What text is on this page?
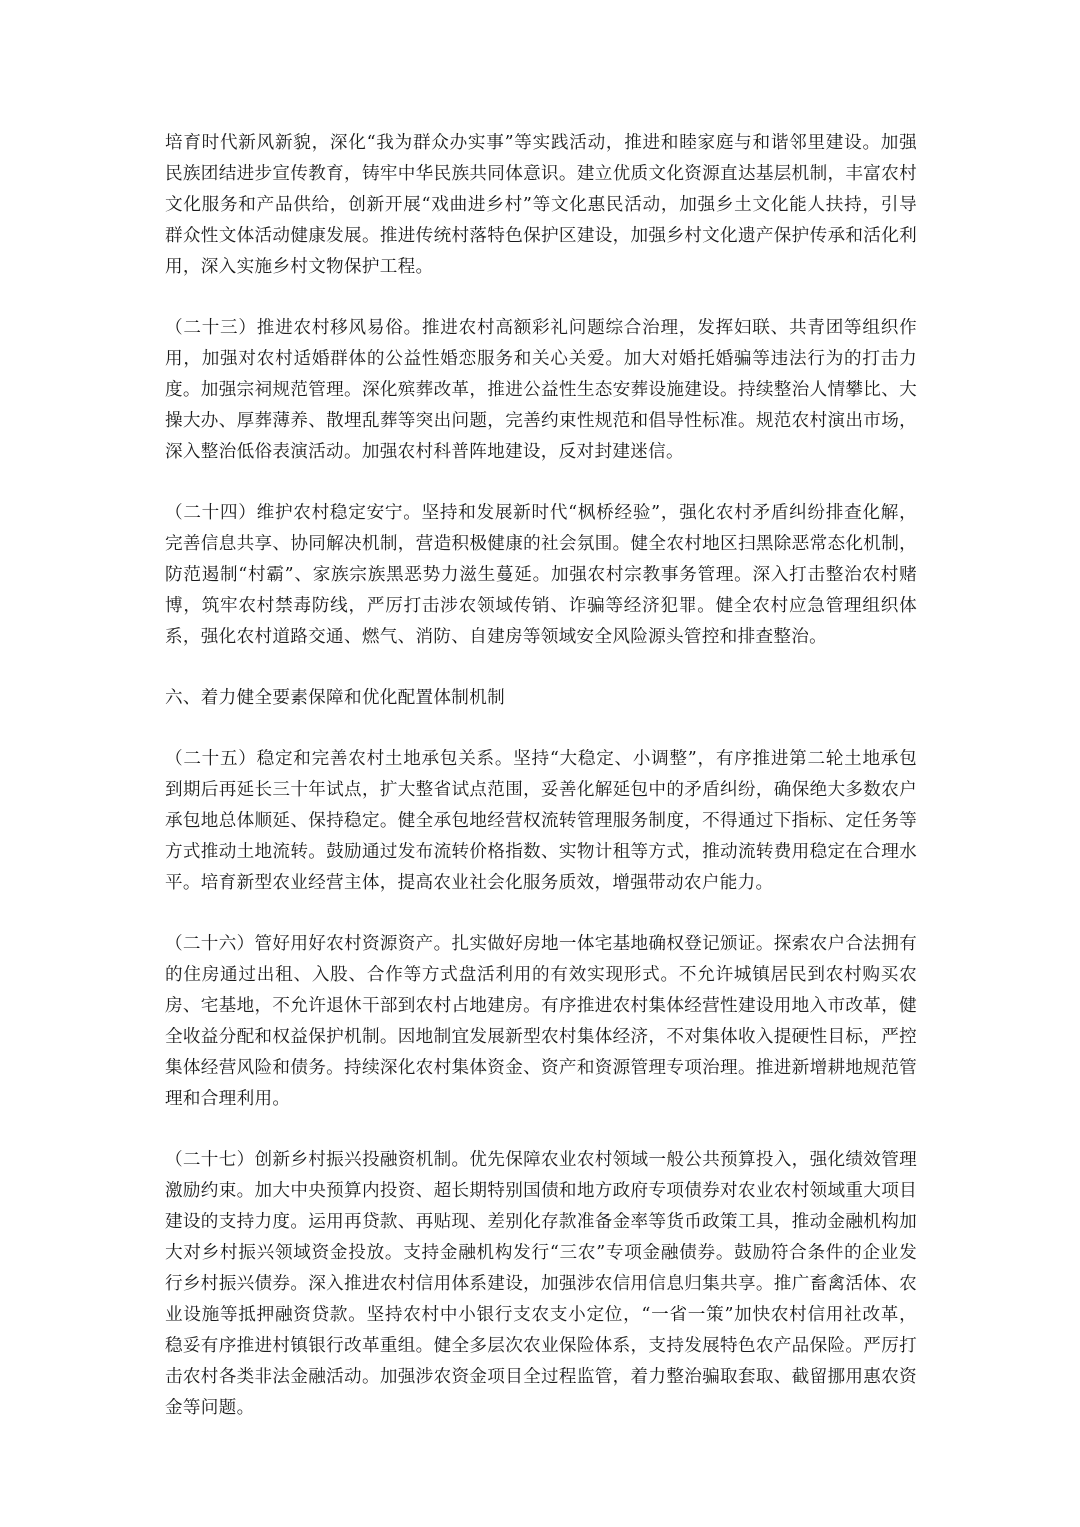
培育时代新风新貌，深化“我为群众办实事”等实践活动，推进和睦家庭与和谐邻里建设。加强民族团结进步宣传教育，铸牢中华民族共同体意识。建立优质文化资源直达基层机制，丰富农村文化服务和产品供给，创新开展“戏曲进乡村”等文化惠民活动，加强乡土文化能人扶持，引导群众性文体活动健康发展。推进传统村落特色保护区建设，加强乡村文化遗产保护传承和活化利用，深入实施乡村文物保护工程。

（二十三）推进农村移风易俗。推进农村高额彩礼问题综合治理，发挥妇联、共青团等组织作用，加强对农村适婚群体的公益性婚恋服务和关心关爱。加大对婚托婚骗等违法行为的打击力度。加强宗祠规范管理。深化殡葬改革，推进公益性生态安葬设施建设。持续整治人情攀比、大操大办、厚葬薄养、散埋乱葬等突出问题，完善约束性规范和倡导性标准。规范农村演出市场，深入整治低俗表演活动。加强农村科普阵地建设，反对封建迷信。

（二十四）维护农村稳定安宁。坚持和发展新时代“枫桥经验”，强化农村矛盾纠纷排查化解，完善信息共享、协同解决机制，营造积极健康的社会氛围。健全农村地区扫黑除恶常态化机制，防范遏制“村霸”、家族宗族黑恶势力滋生蔓延。加强农村宗教事务管理。深入打击整治农村赌博，筑牢农村禁毒防线，严厉打击涉农领域传销、诈骗等经济犯罪。健全农村应急管理组织体系，强化农村道路交通、燃气、消防、自建房等领域安全风险源头管控和排查整治。

六、着力健全要素保障和优化配置体制机制

（二十五）稳定和完善农村土地承包关系。坚持“大稳定、小调整”，有序推进第二轮土地承包到期后再延长三十年试点，扩大整省试点范围，妥善化解延包中的矛盾纠纷，确保绝大多数农户承包地总体顺延、保持稳定。健全承包地经营权流转管理服务制度，不得通过下指标、定任务等方式推动土地流转。鼓励通过发布流转价格指数、实物计租等方式，推动流转费用稳定在合理水平。培育新型农业经营主体，提高农业社会化服务质效，增强带动农户能力。

（二十六）管好用好农村资源资产。扎实做好房地一体宅基地确权登记颁证。探索农户合法拥有的住房通过出租、入股、合作等方式盘活利用的有效实现形式。不允许城镇居民到农村购买农房、宅基地，不允许退休干部到农村占地建房。有序推进农村集体经营性建设用地入市改革，健全收益分配和权益保护机制。因地制宜发展新型农村集体经济，不对集体收入提硬性目标，严控集体经营风险和债务。持续深化农村集体资金、资产和资源管理专项治理。推进新增耕地规范管理和合理利用。

（二十七）创新乡村振兴投融资机制。优先保障农业农村领域一般公共预算投入，强化绩效管理激励约束。加大中央预算内投资、超长期特别国债和地方政府专项债券对农业农村领域重大项目建设的支持力度。运用再贷款、再贴现、差别化存款准备金率等货币政策工具，推动金融机构加大对乡村振兴领域资金投放。支持金融机构发行“三农”专项金融债券。鼓励符合条件的企业发行乡村振兴债券。深入推进农村信用体系建设，加强涉农信用信息归集共享。推广畜禽活体、农业设施等抵押融资贷款。坚持农村中小银行支农支小定位，“一省一策”加快农村信用社改革，稳妥有序推进村镇银行改革重组。健全多层次农业保险体系，支持发展特色农产品保险。严厉打击农村各类非法金融活动。加强涉农资金项目全过程监管，着力整治骗取套取、截留挪用惠农资金等问题。
